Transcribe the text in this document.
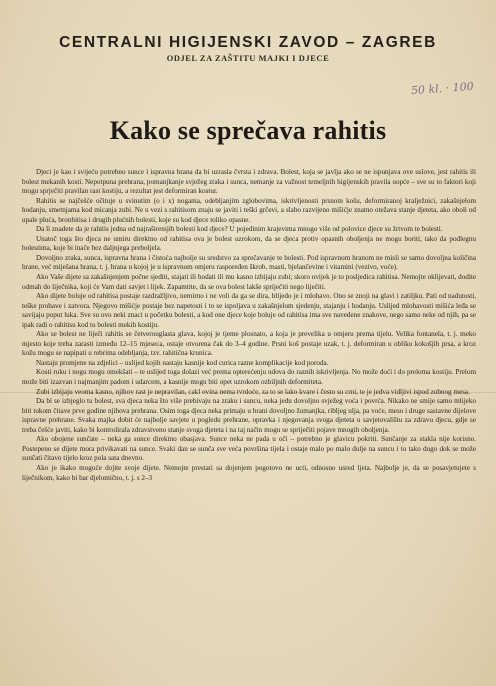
CENTRALNI HIGIJENSKI ZAVOD – ZAGREB
ODJEL ZA ZAŠTITU MAJKI I DJECE
50 kl. · 100
Kako se sprečava rahitis

Djeci je kao i svijeću potrebno sunce i ispravna hrana da bi uzrasla čvrsta i zdrava. Bolest, koja se javlja ako se ne ispunjava ove uslove, jest rahitis ili bolest mekanih kosti. Nepotpuna prehrana, pomanjkanje svježeg zraka i sunca, nemanje za važnost temeljnih higijenskih pravila uopće – sve su to faktori koji mogu sprječiti pravilan rast kostiju, a rezultat jest deformiran kostur.

Rahitis se najčešće očituje u svinutim (o i x) nogama, odebljanjim zglobovima, iskrivljenosti prsnom košu, deformiranoj kralježnici, zakašnjelom hodanju, smetnjama kod micanja zubi. Ne u vezi s rahitisom znaju se javiti i teški grčevi, a slabo razvijeno mišićje znatno otežava stanje djeteta, ako oboli od upale pluća, bronhitisa i drugih plućnih bolesti, koje su kod djece tolikо opasne.

Da li znadete da je rahitis jedna od najraširenijih bolesti kod djece? U pojedinim krajevima mnogo više od polovice djece su žrtvom te bolesti.

Unatoč toga što djeca ne umiru direktno od rahitisa ova je bolest uzrokom, da se djeca protiv opasnih oboljenja ne mogu boriti, tako da podlegnu bolestima, koje bi inače bez daljnjega preboljela.

Dovoljno zraka, sunca, ispravna hrana i čistoća najbolje su sredstvo za sprečavanje te bolesti. Pod ispravnom hranom ne misli se samo dovoljna količina hrane, već miješana hrana, t. j. hrana u kojoj je u ispravnom omjeru raspoređen škrob, masti, bjelančevine i vitamini (vezivo, voće).

Ako Vaše dijete sa zakašnjenjem počne sjediti, stajati ili hodati ili mu kasno izbijaju zubi; skoro uvijek je to posljedica rahitisa. Nemojte oklijevati, dodite odmah do liječnika, koji će Vam dati savjet i lijek. Zapamtite, da se ova bolest lakše spriječiti nego liječiti.

Ako dijete boluje od rahitisa postaje razdražljivo, nemirno i ne voli da ga se dira, blijedo je i mlohavo. Ono se znoji na glavi i zatiljku. Pati od nadutosti, teške probave i zatvora. Njegovo mišićje postaje bez napetosti i to se ispoljava u zakašnjelom sjedenju, stajanju i hodanju. Uslijed mlohavosti mišića leđa se savijaju poput luka. Sve su ovo neki znaci u početku bolesti, a kod one djece koje boluje od rahitisa ima sve navedene znakove, nego samo neke od njih, pa se ipak radi o rahitisu kod tu bolesti mekih kostiju.

Ako se bolest ne liječi rahitis se četverouglasta glava, kojoj je tjeme plosnato, a koja je prevelika u omjeru prema tijelu. Velika fontanela, t. j. meko mjesto koje treba zarasti između 12–15 mjeseca, ostaje otvorena čak do 3–4 godine. Prsni koš postaje uzak, t. j. deformiran u obliku kokošjih prsa, a kroz kožu mogu se napipati u rebrima odebljanja, tzv. rahitična krunica.

Nastaju promjene na zdjelici – uslijed kojih nastaju kasnije kod curica razne komplikacije kod poroda.

Kosti ruku i nogu mogu omekšati – te uslijed toga dolazi već prema opterećenju udova do raznih iskrivljenja. No može doći i do preloma kostiju. Prelom može biti izazvan i najmanjim padom i udarcem, a kasnije mogu biti opet uzrokom ozbiljnih deformiteta.

Zubi izbijaju veoma kasno, njihov rast je nepravilan, cakl ovina nema tvrdoće, za to se lako kvare i često su crni, te je jedva vidljivi ispod zubnog mesa.

Da bi se izbjeglo tu bolest, sva djeca neka što više prebivaju na zraku i suncu, neka jedu dovoljno svježeg voća i povrća. Nikako ne smije samo mlijeko biti tokom čitave prve godine njihova prehrana. Osim toga djeca neka primaju u hrani dovoljno žumanjka, ribljeg ulja, pa voće, meso i druge sastavne dijelove ispravne prehrane. Svaka majka dobit će najbolje savjete u pogledu prehrane, opravka i njegovanja svoga djeteta u savjetovalištu za zdravu djecu, gdje se treba češće javiti, kako bi kontrolirala zdravstveno stanje svoga djeteta i na taj način mogu se spriječiti pojave mnogih oboljenja.

Ako obojene sunčate – neka ga sunce direktno obasjava. Sunce neka ne pada u oči – potrebno je glavicu pokriti. Sunčanje za stakla nije korisno. Postepeno se dijete mora privikavati na sunce. Svaki dan se sunča sve veća površina tijela i ostaje malo po malo dulje na suncu i to tako dugo dok se može sunčati čitavo tijelo kroz pola sata dnevno.

Ako je ikako moguće dojite svoje dijete. Nemojte prestati sa dojenjem pogotovo ne ucti, odnosno usred ljeta. Najbolje je, da se posavjetujete s liječnikom, kako bi bar djelomično, t. j. s 2–3
